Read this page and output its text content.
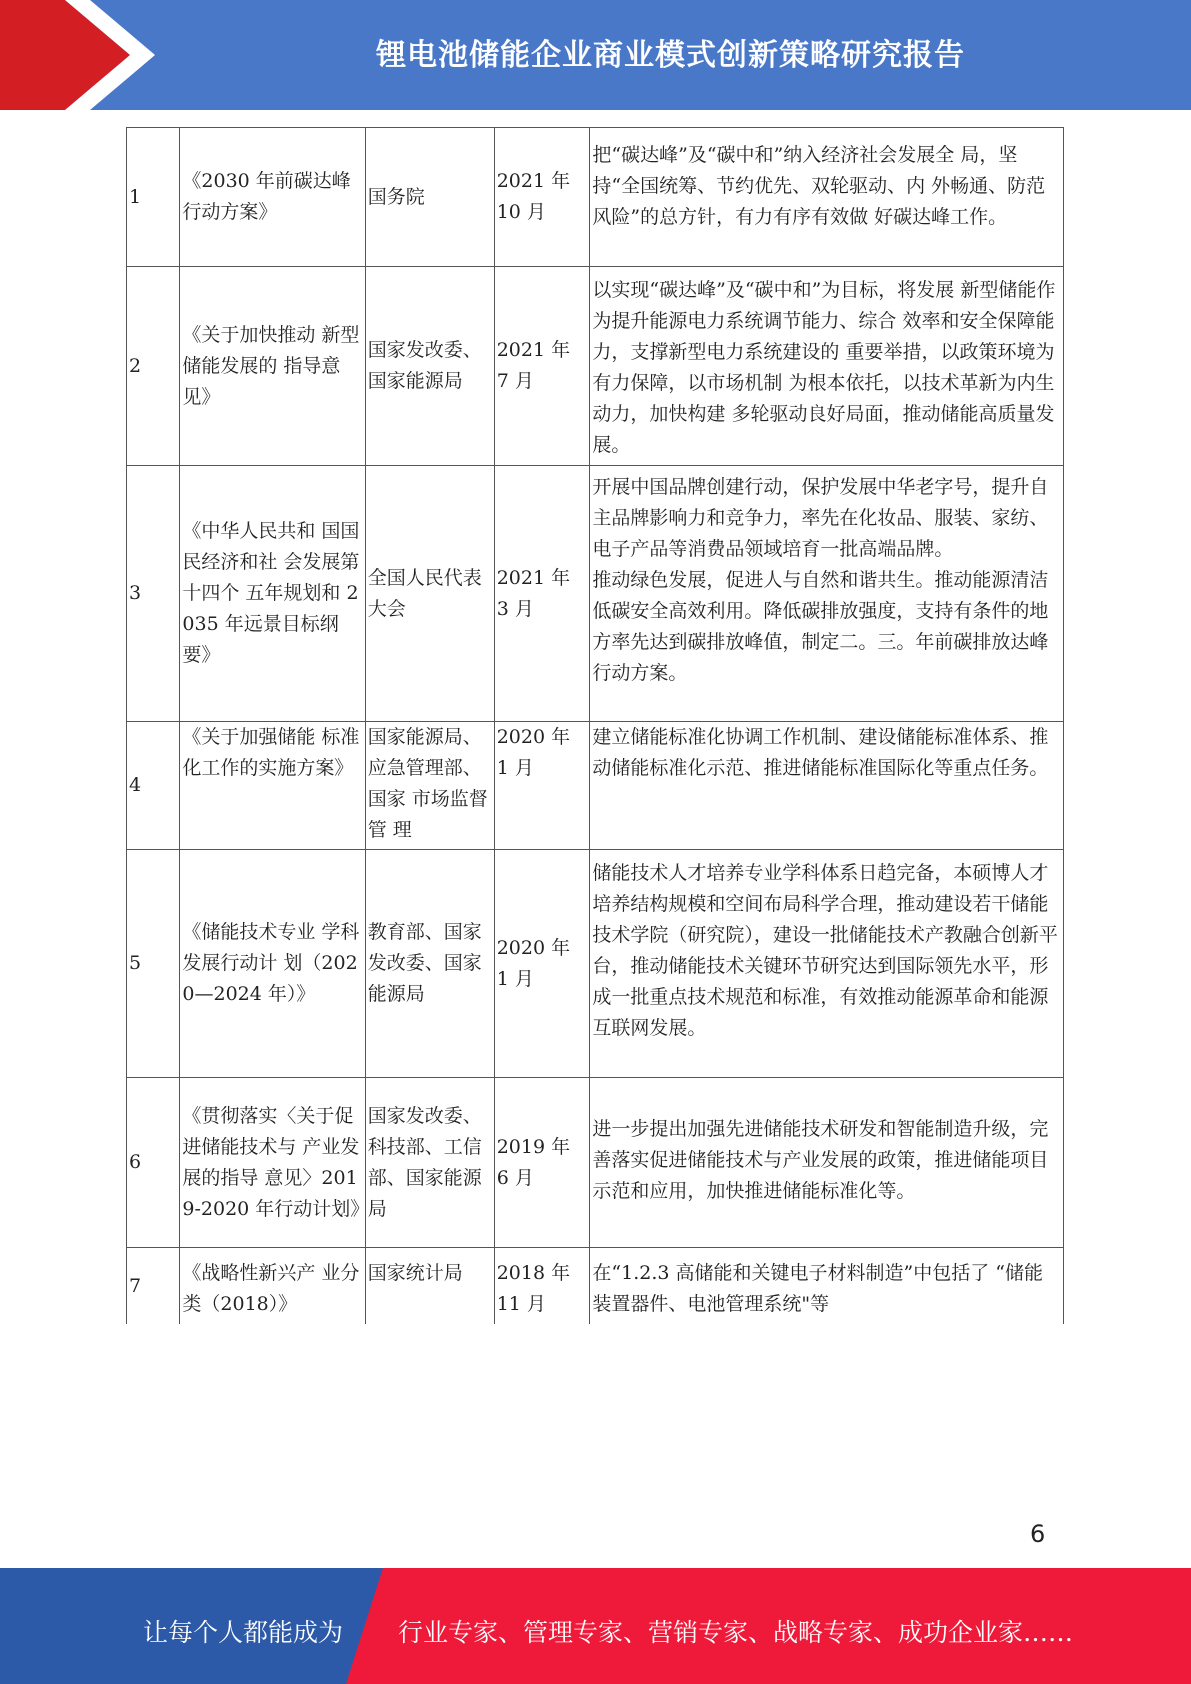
锂电池储能企业商业模式创新策略研究报告
1	《2030 年前碳达峰行动方案》	国务院	2021 年 10 月	把“碳达峰”及“碳中和”纳入经济社会发展全 局，坚持“全国统筹、节约优先、双轮驱动、内 外畅通、防范风险”的总方针，有力有序有效做 好碳达峰工作。
2	《关于加快推动 新型储能发展的 指导意见》	国家发改委、国家能源局	2021 年 7 月	以实现“碳达峰”及“碳中和”为目标，将发展 新型储能作为提升能源电力系统调节能力、综合 效率和安全保障能力，支撑新型电力系统建设的 重要举措，以政策环境为有力保障，以市场机制 为根本依托，以技术革新为内生动力，加快构建 多轮驱动良好局面，推动储能高质量发展。
3	《中华人民共和 国国民经济和社 会发展第十四个 五年规划和 2035 年远景目标纲 要》	全国人民代表大会	2021 年 3 月	开展中国品牌创建行动，保护发展中华老字号，提升自主品牌影响力和竞争力，率先在化妆品、服装、家纺、电子产品等消费品领域培育一批高端品牌。
推动绿色发展，促进人与自然和谐共生。推动能源清洁低碳安全高效利用。降低碳排放强度，支持有条件的地方率先达到碳排放峰值，制定二。三。年前碳排放达峰行动方案。

4	《关于加强储能 标准化工作的实施方案》	国家能源局、应急管理部、国家 市场监督管 理	2020 年 1 月	建立储能标准化协调工作机制、建设储能标准体系、推动储能标准化示范、推进储能标准国际化等重点任务。
5	《储能技术专业 学科发展行动计 划（2020—2024 年）》	教育部、国家发改委、国家能源局	2020 年 1 月	储能技术人才培养专业学科体系日趋完备，本硕博人才培养结构规模和空间布局科学合理，推动建设若干储能技术学院（研究院），建设一批储能技术产教融合创新平台，推动储能技术关键环节研究达到国际领先水平，形成一批重点技术规范和标准，有效推动能源革命和能源互联网发展。
6	《贯彻落实〈关于促进储能技术与 产业发展的指导 意见〉2019-2020 年行动计划》	国家发改委、科技部、工信部、国家能源局	2019 年 6 月	进一步提出加强先进储能技术研发和智能制造升级，完善落实促进储能技术与产业发展的政策，推进储能项目示范和应用，加快推进储能标准化等。
7	《战略性新兴产 业分类（2018）》	国家统计局	2018 年 11 月	在“1.2.3 高储能和关键电子材料制造”中包括了 “储能装置器件、电池管理系统"等
6
让每个人都能成为 行业专家、管理专家、营销专家、战略专家、成功企业家……
